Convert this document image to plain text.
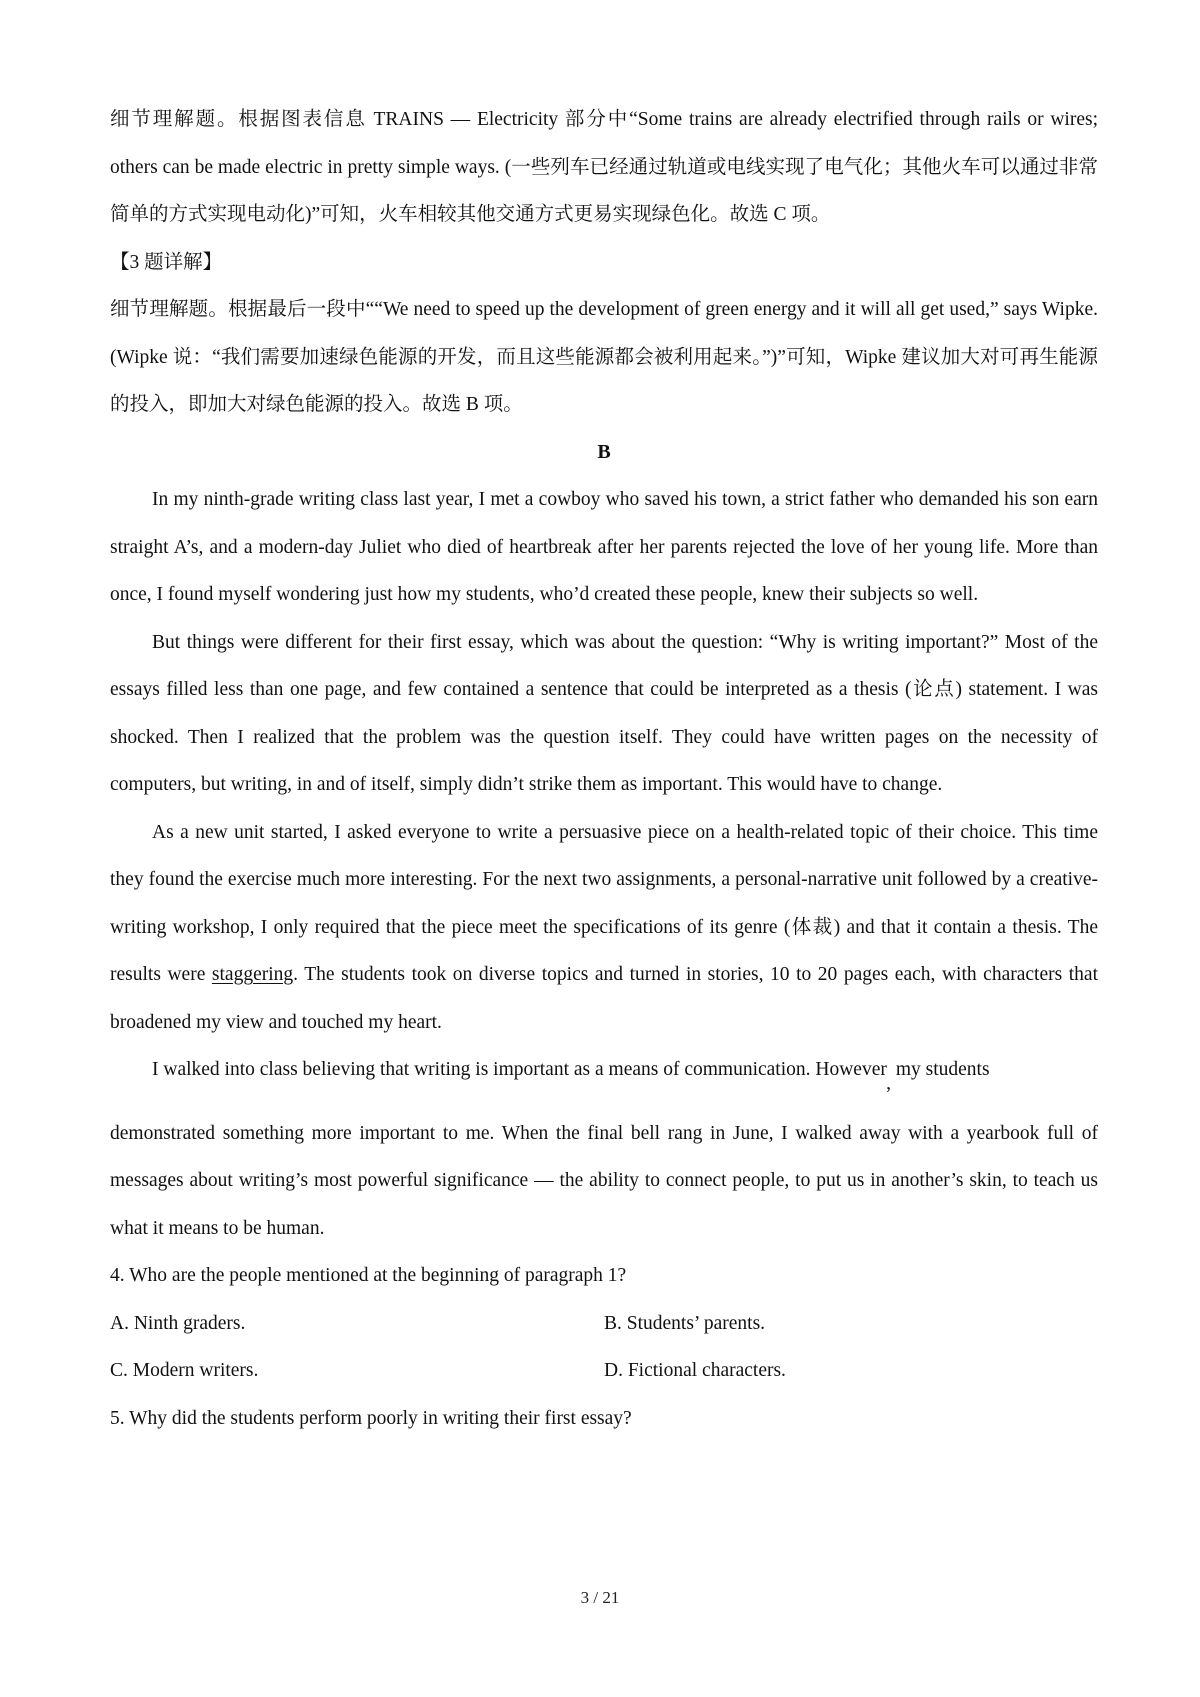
细节理解题。根据图表信息 TRAINS — Electricity 部分中“Some trains are already electrified through rails or wires; others can be made electric in pretty simple ways. (一些列车已经通过轨道或电线实现了电气化；其他火车可以通过非常简单的方式实现电动化)”可知，火车相较其他交通方式更易实现绿色化。故选 C 项。

【3 题详解】

细节理解题。根据最后一段中““We need to speed up the development of green energy and it will all get used,” says Wipke. (Wipke 说：“我们需要加速绿色能源的开发，而且这些能源都会被利用起来。”)”可知，Wipke 建议加大对可再生能源的投入，即加大对绿色能源的投入。故选 B 项。

B

In my ninth-grade writing class last year, I met a cowboy who saved his town, a strict father who demanded his son earn straight A’s, and a modern-day Juliet who died of heartbreak after her parents rejected the love of her young life. More than once, I found myself wondering just how my students, who’d created these people, knew their subjects so well.

But things were different for their first essay, which was about the question: “Why is writing important?” Most of the essays filled less than one page, and few contained a sentence that could be interpreted as a thesis (论点) statement. I was shocked. Then I realized that the problem was the question itself. They could have written pages on the necessity of computers, but writing, in and of itself, simply didn’t strike them as important. This would have to change.

As a new unit started, I asked everyone to write a persuasive piece on a health-related topic of their choice. This time they found the exercise much more interesting. For the next two assignments, a personal-narrative unit followed by a creative-writing workshop, I only required that the piece meet the specifications of its genre (体裁) and that it contain a thesis. The results were staggering. The students took on diverse topics and turned in stories, 10 to 20 pages each, with characters that broadened my view and touched my heart.

I walked into class believing that writing is important as a means of communication. However, my students

demonstrated something more important to me. When the final bell rang in June, I walked away with a yearbook full of messages about writing’s most powerful significance — the ability to connect people, to put us in another’s skin, to teach us what it means to be human.

4. Who are the people mentioned at the beginning of paragraph 1?

A. Ninth graders.	B. Students’ parents.

C. Modern writers.	D. Fictional characters.

5. Why did the students perform poorly in writing their first essay?

3 / 21
